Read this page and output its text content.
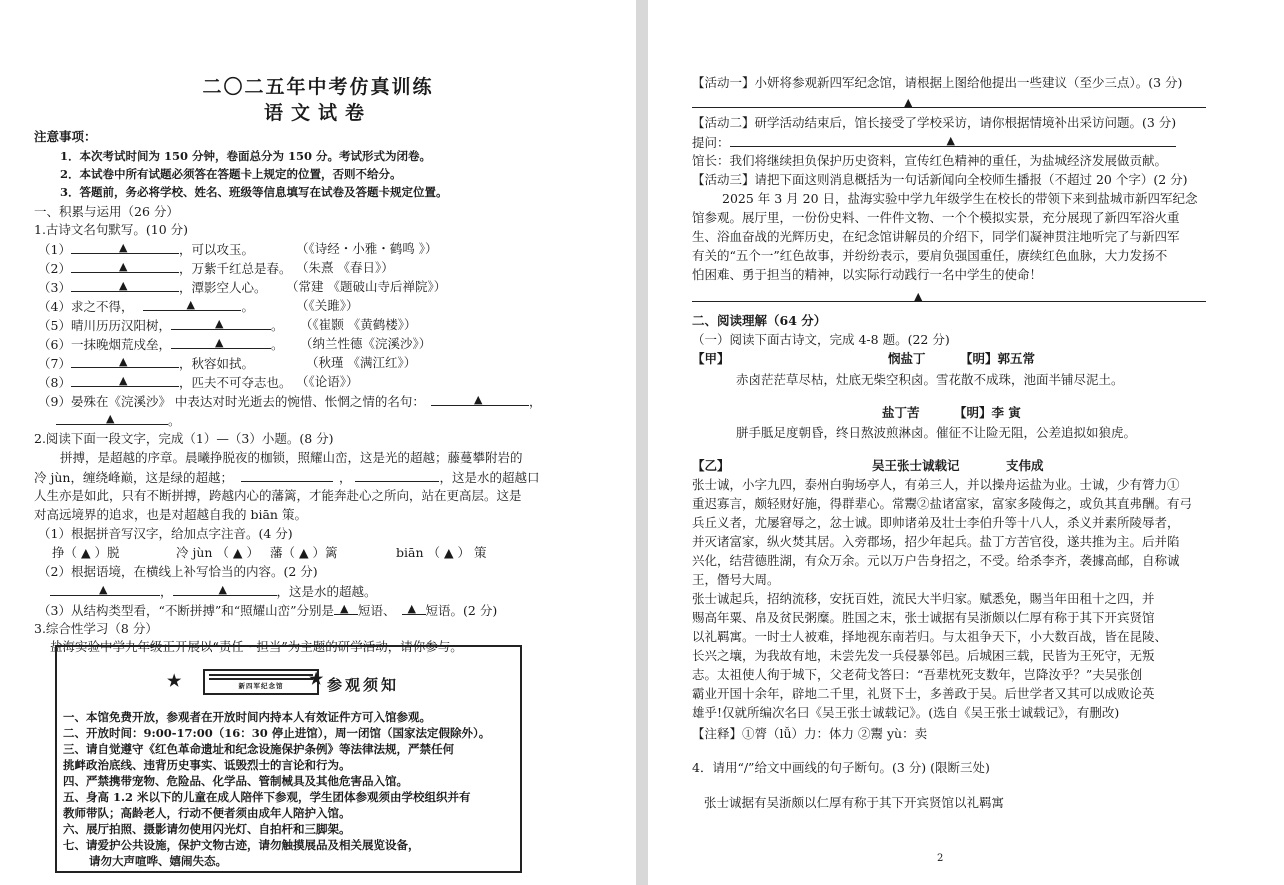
二〇二五年中考仿真训练
语文试卷
注意事项：
1．本次考试时间为 150 分钟，卷面总分为 150 分。考试形式为闭卷。
2．本试卷中所有试题必须答在答题卡上规定的位置，否则不给分。
3．答题前，务必将学校、姓名、班级等信息填写在试卷及答题卡规定位置。
一、积累与运用（26 分）
1.古诗文名句默写。(10 分)
（1）	▲	，可以攻玉。	（《诗经・小雅・鹤鸣 》）
（2）	▲	，万紫千红总是春。 （朱熹 《春日》）
（3）	▲	，潭影空人心。 （常建 《题破山寺后禅院》）
（4）求之不得，	▲	。	（《关雎》）
（5）晴川历历汉阳树，	▲	。 （《崔颢 《黄鹤楼》）
（6）一抹晚烟荒戍垒，	▲	。 （纳兰性德《浣溪沙》）
（7）	▲	，秋容如拭。	（秋瑾 《满江红》）
（8）	▲	，匹夫不可夺志也。 （《论语》）
（9）晏殊在《浣溪沙》 中表达对时光逝去的惋惜、怅惘之情的名句：	▲	，
▲	。
2.阅读下面一段文字，完成（1）—（3）小题。(8 分)
拼搏，是超越的序章。晨曦挣脱夜的枷锁，照耀山峦，这是光的超越；藤蔓攀附岩的
冷 jùn，缠绕峰巅，这是绿的超越；	，	，这是水的超越口
人生亦是如此，只有不断拼搏，跨越内心的藩篱，才能奔赴心之所向，站在更高层。这是
对高远境界的追求，也是对超越自我的 biān 策。
（1）根据拼音写汉字，给加点字注音。(4 分)
挣（ ▲ ）脱	冷 jùn （ ▲ ） 藩（ ▲ ）篱	biān （ ▲ ） 策
（2）根据语境，在横线上补写恰当的内容。(2 分)
▲	，	▲	，这是水的超越。
（3）从结构类型看，“不断拼搏”和“照耀山峦”分别是 ▲ 短语、 ▲ 短语。(2 分)
3.综合性学习（8 分）
盐海实验中学九年级正开展以“责任・担当”为主题的研学活动，请你参与。
★	新四军纪念馆	★ 参观须知
一、本馆免费开放，参观者在开放时间内持本人有效证件方可入馆参观。
二、开放时间：9:00-17:00（16：30 停止进馆），周一闭馆（国家法定假除外）。
三、请自觉遵守《红色革命遗址和纪念设施保护条例》等法律法规，严禁任何
挑衅政治底线、违背历史事实、诋毁烈士的言论和行为。
四、严禁携带宠物、危险品、化学品、管制械具及其他危害品入馆。
五、身高 1.2 米以下的儿童在成人陪伴下参观，学生团体参观须由学校组织并有
教师带队；高龄老人，行动不便者须由成年人陪护入馆。
六、展厅拍照、摄影请勿使用闪光灯、自拍杆和三脚架。
七、请爱护公共设施，保护文物古迹，请勿触摸展品及相关展览设备，
请勿大声喧哗、嬉闹失态。
【活动一】小妍将参观新四军纪念馆，请根据上图给他提出一些建议（至少三点）。(3 分)
▲
【活动二】研学活动结束后，馆长接受了学校采访，请你根据情境补出采访问题。(3 分)
提问：	▲
馆长：我们将继续担负保护历史资料，宣传红色精神的重任，为盐城经济发展做贡献。
【活动三】请把下面这则消息概括为一句话新闻向全校师生播报（不超过 20 个字）(2 分)
2025 年 3 月 20 日，盐海实验中学九年级学生在校长的带领下来到盐城市新四军纪念
馆参观。展厅里，一份份史料、一件件文物、一个个模拟实景，充分展现了新四军浴火重
生、浴血奋战的光辉历史，在纪念馆讲解员的介绍下，同学们凝神贯注地听完了与新四军
有关的“五个一”红色故事，并纷纷表示，要肩负强国重任，赓续红色血脉，大力发扬不
怕困难、勇于担当的精神，以实际行动践行一名中学生的使命！
▲
二、阅读理解（64 分）
（一）阅读下面古诗文，完成 4-8 题。(22 分)
【甲】	悯盐丁	【明】郭五常
赤卤茫茫草尽枯，灶底无柴空积卤。雪花散不成珠，池面半铺尽泥土。
盐丁苦	【明】李 寅
胼手胝足度朝昏，终日熬波煎淋卤。催征不让险无阻，公差追拟如狼虎。
【乙】	吴王张士诚载记	支伟成
张士诚，小字九四，泰州白驹场亭人，有弟三人，并以操舟运盐为业。士诚，少有膂力①
重迟寡言，颇轻财好施，得群辈心。常鬻②盐诸富家，富家多陵侮之，或负其直弗酬。有弓
兵丘义者，尤屡窘辱之，忿士诚。即帅诸弟及壮士李伯升等十八人，杀义并素所陵辱者，
并灭诸富家，纵火焚其居。入旁郡场，招少年起兵。盐丁方苦官役，遂共推为主。后并陷
兴化，结营德胜湖，有众万余。元以万户告身招之，不受。给杀李齐，袭據高邮，自称诚
王，僭号大周。
张士诚起兵，招纳流移，安抚百姓，流民大半归家。赋悉免，賜当年田租十之四，并
赐高年粟、帛及贫民粥糜。胜国之末，张士诚据有吴浙颇以仁厚有称于其下开宾贤馆
以礼羁寓。一时士人被难，择地视东南若归。与太祖争天下，小大数百战，皆在昆陵、
长兴之壤，为我故有地，未尝先发一兵侵暴邻邑。后城困三载，民皆为王死守，无叛
志。太祖使人徇于城下，父老荷戈答曰：“吾辈枕死支数年，岂降汝乎？”夫吴张创
霸业开国十余年，辟地二千里，礼贤下士，多善政于吴。后世学者又其可以成败论英
雄乎!仅就所编次名曰《吴王张士诚载记》。(选自《吴王张士诚载记》，有删改)
【注释】①膂（lǚ）力：体力 ②鬻 yù：卖
4．请用“/”给文中画线的句子断句。(3 分) (限断三处)
张士诚据有吴浙颇以仁厚有称于其下开宾贤馆以礼羁寓
2
